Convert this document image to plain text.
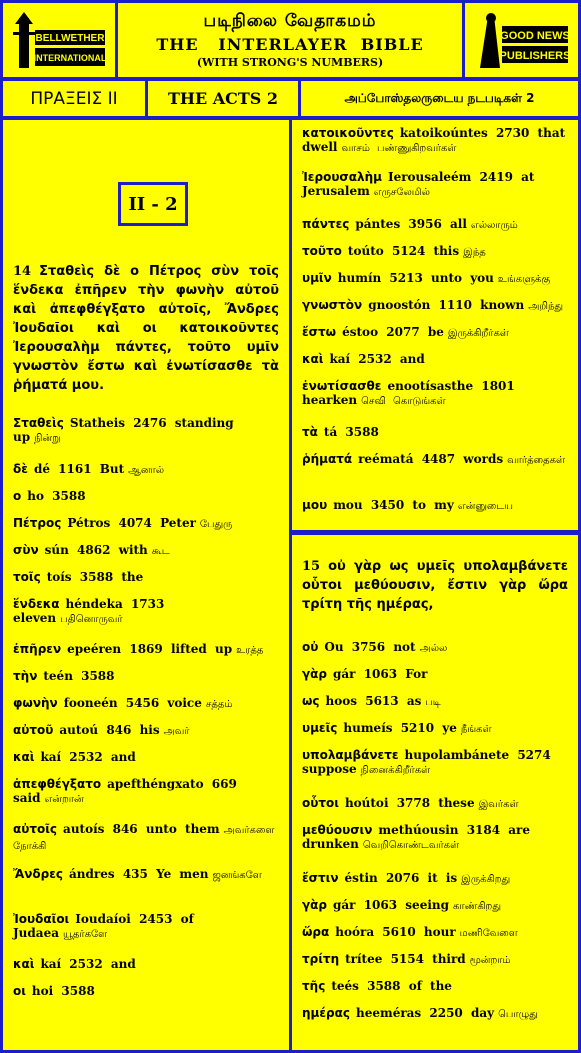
BELLWETHER
INTERNATIONAL
படிநிலை வேதாகமம்
THE   INTERLAYER  BIBLE
(WITH STRONG'S NUMBERS)
GOOD NEWS
PUBLISHERS
ΠΡΑΞΕΙΣ ΙΙ	THE ACTS 2	அப்போஸ்தலருடைய நடபடிகள் 2
II - 2
14 Σταθεὶς δὲ ο Πέτρος σὺν τοῖς ἕνδεκα ἐπῆρεν τὴν φωνὴν αὐτοῦ καὶ ἀπεφθέγξατο αὐτοῖς, Ἄνδρες Ἰουδαῖοι καὶ οι κατοικοῦντες Ἰερουσαλὴμ πάντες, τοῦτο υμῖν γνωστὸν ἔστω καὶ ἐνωτίσασθε τὰ ῥήματά μου.
Σταθεὶς Statheis 2476 standing up நின்று
δὲ dé 1161 But ஆனால்
ο ho 3588
Πέτρος Pétros 4074 Peter பேதுரு
σὺν sún 4862 with கூட
τοῖς toís 3588 the
ἕνδεκα héndeka 1733 eleven பதினொருவர்
ἐπῆρεν epeéren 1869 lifted up உரத்த
τὴν teén 3588
φωνὴν fooneén 5456 voice சத்தம்
αὐτοῦ autoú 846 his அவர்
καὶ kaí 2532 and
ἀπεφθέγξατο apefthéngxato 669 said என்றான்
αὐτοῖς autoís 846 unto them அவர்களை நோக்கி
Ἄνδρες ándres 435 Ye men ஜனங்களே
Ἰουδαῖοι Ioudaíoi 2453 of Judaea யூதர்களே
καὶ kaí 2532 and
οι hoi 3588
κατοικοῦντες katoikoúntes 2730 that dwell வாசம் பண்ணுகிறவர்கள்
Ἰερουσαλὴμ Ierousaleém 2419 at Jerusalem எருசலேமில்
πάντες pántes 3956 all எல்லாரும்
τοῦτο toúto 5124 this இந்த
υμῖν humín 5213 unto you உங்களுக்கு
γνωστὸν gnoostón 1110 known அறிந்து
ἔστω éstoo 2077 be இருக்கிறீர்கள்
καὶ kaí 2532 and
ἐνωτίσασθε enootísasthe 1801 hearken செவி கொடுங்கள்
τὰ tá 3588
ῥήματά reématá 4487 words வார்த்தைகள்
μου mou 3450 to my என்னுடைய
15 οὐ γὰρ ως υμεῖς υπολαμβάνετε οὗτοι μεθύουσιν, ἔστιν γὰρ ὥρα τρίτη τῆς ημέρας,
οὐ Ou 3756 not அல்ல
γὰρ gár 1063 For
ως hoos 5613 as படி
υμεῖς humeís 5210 ye நீங்கள்
υπολαμβάνετε hupolambánete 5274 suppose நினைக்கிறீர்கள்
οὗτοι hoútoi 3778 these இவர்கள்
μεθύουσιν methúousin 3184 are drunken வெறிகொண்டவர்கள்
ἔστιν éstin 2076 it is இருக்கிறது
γὰρ gár 1063 seeing காண்கிறது
ὥρα hoóra 5610 hour மணிவேளை
τρίτη trítee 5154 third மூன்றாம்
τῆς teés 3588 of the
ημέρας heeméras 2250 day பொழுது
